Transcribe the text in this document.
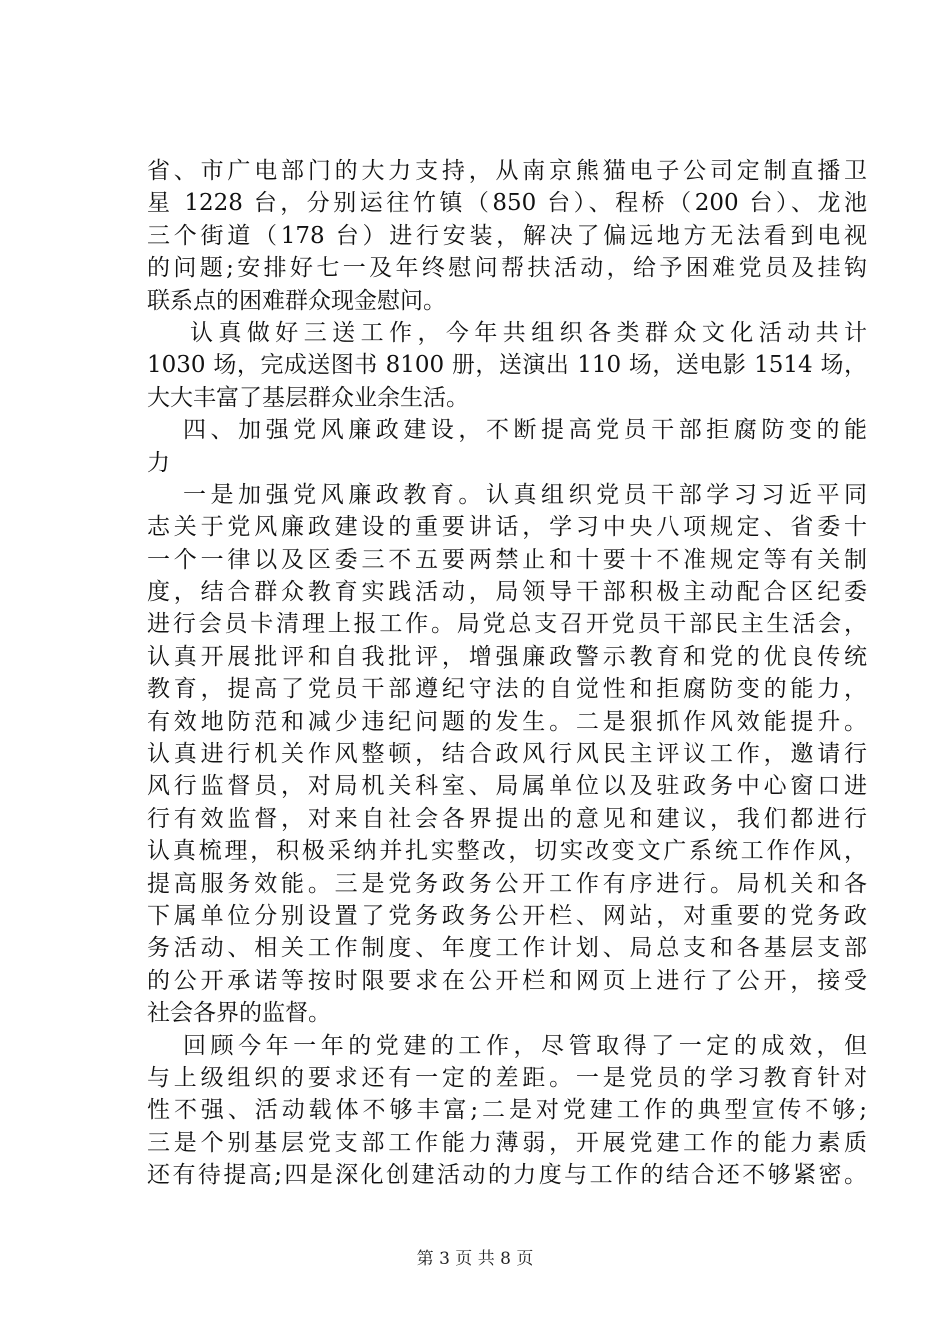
省、市广电部门的大力支持，从南京熊猫电子公司定制直播卫
星 1228 台，分别运往竹镇（850 台）、程桥（200 台）、龙池
三个街道（178 台）进行安装，解决了偏远地方无法看到电视
的问题;安排好七一及年终慰问帮扶活动，给予困难党员及挂钩
联系点的困难群众现金慰问。
认真做好三送工作，今年共组织各类群众文化活动共计
1030 场，完成送图书 8100 册，送演出 110 场，送电影 1514 场，
大大丰富了基层群众业余生活。
四、加强党风廉政建设，不断提高党员干部拒腐防变的能
力
一是加强党风廉政教育。认真组织党员干部学习习近平同
志关于党风廉政建设的重要讲话，学习中央八项规定、省委十
一个一律以及区委三不五要两禁止和十要十不准规定等有关制
度，结合群众教育实践活动，局领导干部积极主动配合区纪委
进行会员卡清理上报工作。局党总支召开党员干部民主生活会，
认真开展批评和自我批评，增强廉政警示教育和党的优良传统
教育，提高了党员干部遵纪守法的自觉性和拒腐防变的能力，
有效地防范和减少违纪问题的发生。二是狠抓作风效能提升。
认真进行机关作风整顿，结合政风行风民主评议工作，邀请行
风行监督员，对局机关科室、局属单位以及驻政务中心窗口进
行有效监督，对来自社会各界提出的意见和建议，我们都进行
认真梳理，积极采纳并扎实整改，切实改变文广系统工作作风，
提高服务效能。三是党务政务公开工作有序进行。局机关和各
下属单位分别设置了党务政务公开栏、网站，对重要的党务政
务活动、相关工作制度、年度工作计划、局总支和各基层支部
的公开承诺等按时限要求在公开栏和网页上进行了公开，接受
社会各界的监督。
回顾今年一年的党建的工作，尽管取得了一定的成效，但
与上级组织的要求还有一定的差距。一是党员的学习教育针对
性不强、活动载体不够丰富;二是对党建工作的典型宣传不够;
三是个别基层党支部工作能力薄弱，开展党建工作的能力素质
还有待提高;四是深化创建活动的力度与工作的结合还不够紧密。
第 3 页 共 8 页
